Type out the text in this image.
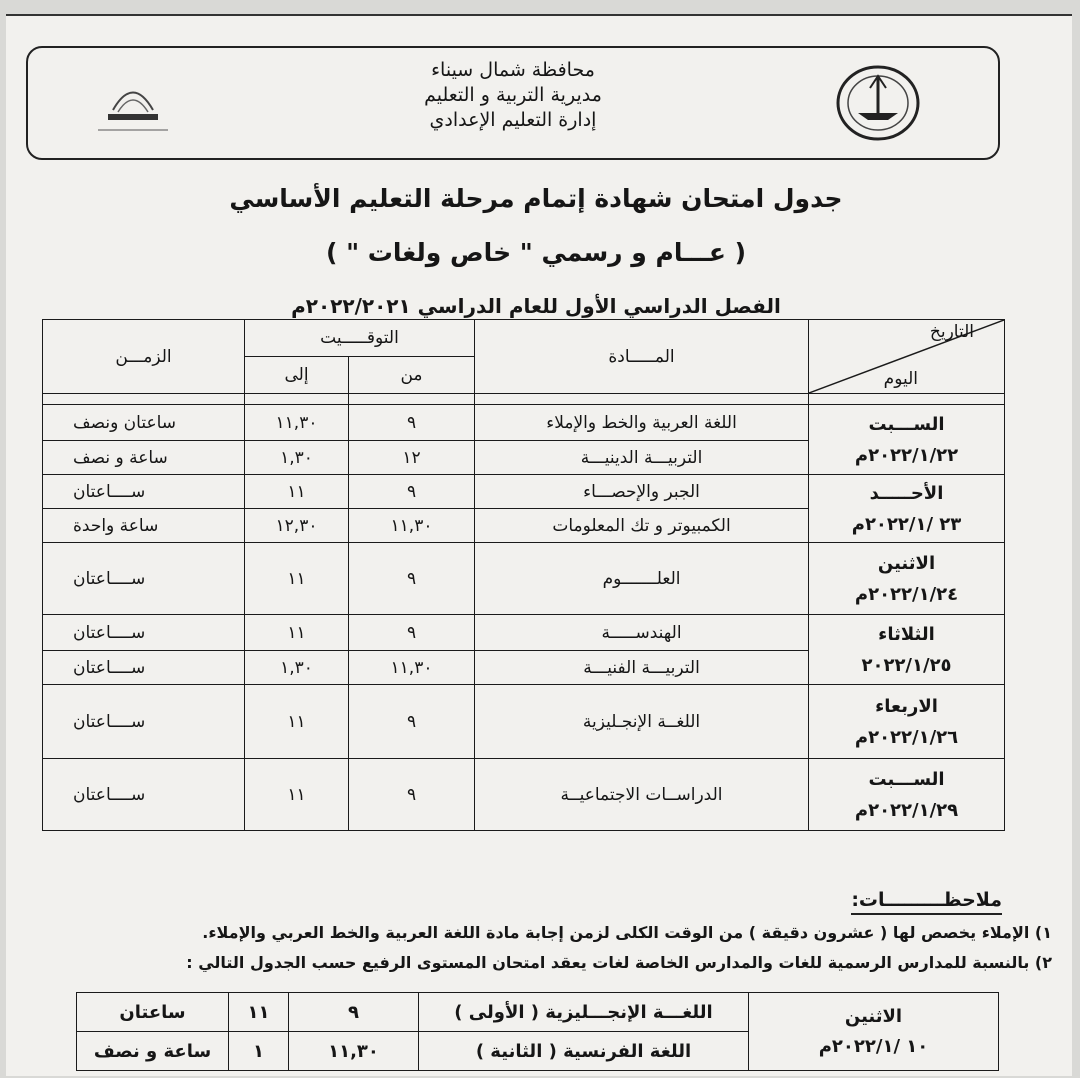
محافظة شمال سيناء
مديرية التربية و التعليم
إدارة التعليم الإعدادي
جدول امتحان شهادة إتمام مرحلة التعليم الأساسي
( عـــام و رسمي " خاص ولغات " )
الفصل الدراسي الأول للعام الدراسي ٢٠٢٢/٢٠٢١م
التاريخ
اليوم	المـــــادة	التوقـــــيت		الزمـــن
		من	إلى	

الســـبت
٢٠٢٢/١/٢٢م	اللغة العربية والخط والإملاء	٩	١١,٣٠	ساعتان ونصف
	التربيـــة الدينيـــة	١٢	١,٣٠	ساعة و نصف

الأحـــــد
٢٣ /٢٠٢٢/١م	الجبر والإحصـــاء	٩	١١	ســــاعتان
	الكمبيوتر و تك المعلومات	١١,٣٠	١٢,٣٠	ساعة واحدة

الاثنين
٢٠٢٢/١/٢٤م	العلـــــــوم	٩	١١	ســــاعتان

الثلاثاء
٢٠٢٢/١/٢٥	الهندســـــة	٩	١١	ســــاعتان
	التربيـــة الفنيـــة	١١,٣٠	١,٣٠	ســــاعتان

الاربعاء
٢٠٢٢/١/٢٦م	اللغــة الإنجـليزية	٩	١١	ســــاعتان

الســـبت
٢٠٢٢/١/٢٩م	الدراســات الاجتماعيــة	٩	١١	ســــاعتان
ملاحظـــــــــات:
١) الإملاء يخصص لها ( عشرون دقيقة ) من الوقت الكلى لزمن إجابة مادة اللغة العربية والخط العربي والإملاء.
٢) بالنسبة للمدارس الرسمية للغات والمدارس الخاصة لغات يعقد امتحان المستوى الرفيع حسب الجدول التالي :
الاثنين
١٠ /٢٠٢٢/١م	اللغـــة الإنجـــليزية ( الأولى )	٩	١١	ساعتان
	اللغة الفرنسية ( الثانية )	١١,٣٠	١	ساعة و نصف
